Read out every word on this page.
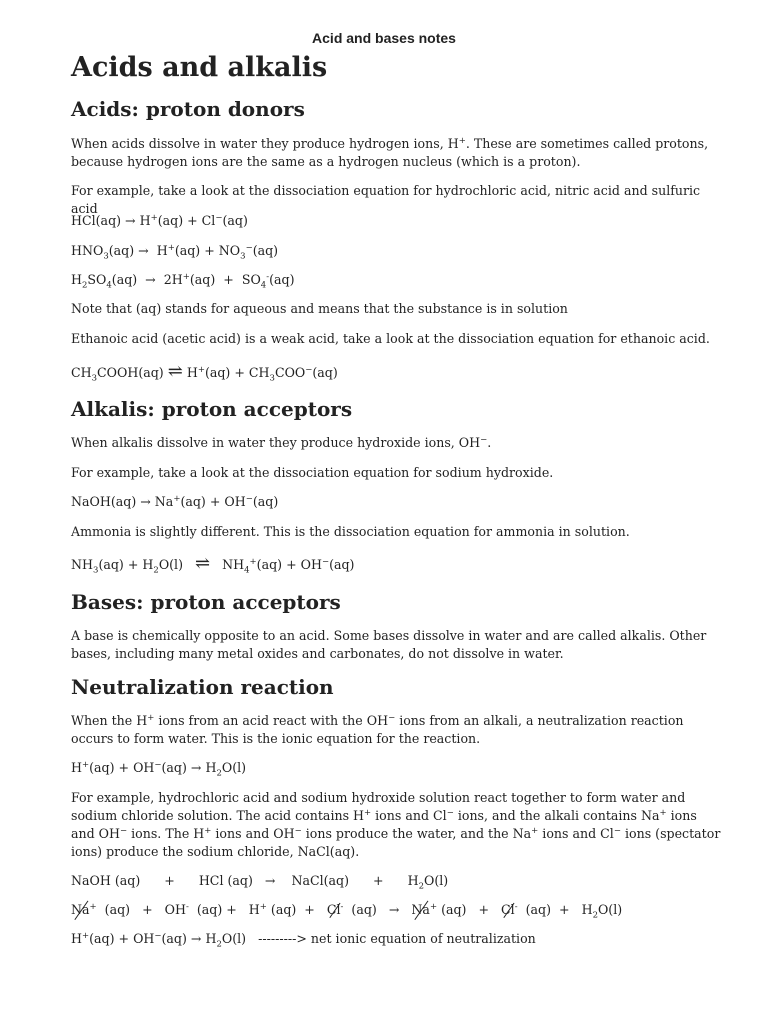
Acid and bases notes
Acids and alkalis
Acids: proton donors
When acids dissolve in water they produce hydrogen ions, H+. These are sometimes called protons, because hydrogen ions are the same as a hydrogen nucleus (which is a proton).
For example, take a look at the dissociation equation for hydrochloric acid, nitric acid and sulfuric acid
HCl(aq) → H+(aq) + Cl−(aq)
$HNO_3(aq) \to H^+(aq) + NO_3^-(aq)$
$H_2SO_4(aq) \to 2H^+(aq) + SO_4^-(aq)$
Note that (aq) stands for aqueous and means that the substance is in solution
Ethanoic acid (acetic acid) is a weak acid, take a look at the dissociation equation for ethanoic acid.
$CH_3COOH(aq)$ ⇌ $H^+(aq) + CH_3COO^-(aq)$
Alkalis: proton acceptors
When alkalis dissolve in water they produce hydroxide ions, OH−.
For example, take a look at the dissociation equation for sodium hydroxide.
NaOH(aq) → Na+(aq) + OH−(aq)
Ammonia is slightly different. This is the dissociation equation for ammonia in solution.
$NH_3(aq) + H_2O(l)$   ⇌   $NH_4^+(aq) + OH^-(aq)$
Bases: proton acceptors
A base is chemically opposite to an acid. Some bases dissolve in water and are called alkalis. Other bases, including many metal oxides and carbonates, do not dissolve in water.
Neutralization reaction
When the H+ ions from an acid react with the OH− ions from an alkali, a neutralization reaction occurs to form water. This is the ionic equation for the reaction.
$H^+(aq) + OH^-(aq) \to H_2O(l)$
For example, hydrochloric acid and sodium hydroxide solution react together to form water and sodium chloride solution. The acid contains H+ ions and Cl− ions, and the alkali contains Na+ ions and OH− ions. The H+ ions and OH− ions produce the water, and the Na+ ions and Cl− ions (spectator ions) produce the sodium chloride, NaCl(aq).
NaOH (aq)      +      HCl (aq)   →    NaCl(aq)      +      $H_2O(l)$
Na+  (aq)   +   OH-  (aq) +   H+ (aq)  +   Cl-  (aq)   →   Na+ (aq)   +   Cl-  $(aq) + H_2O(l)$
$H^+(aq) + OH^-(aq) \to H_2O(l)$   ---------> net ionic equation of neutralization
